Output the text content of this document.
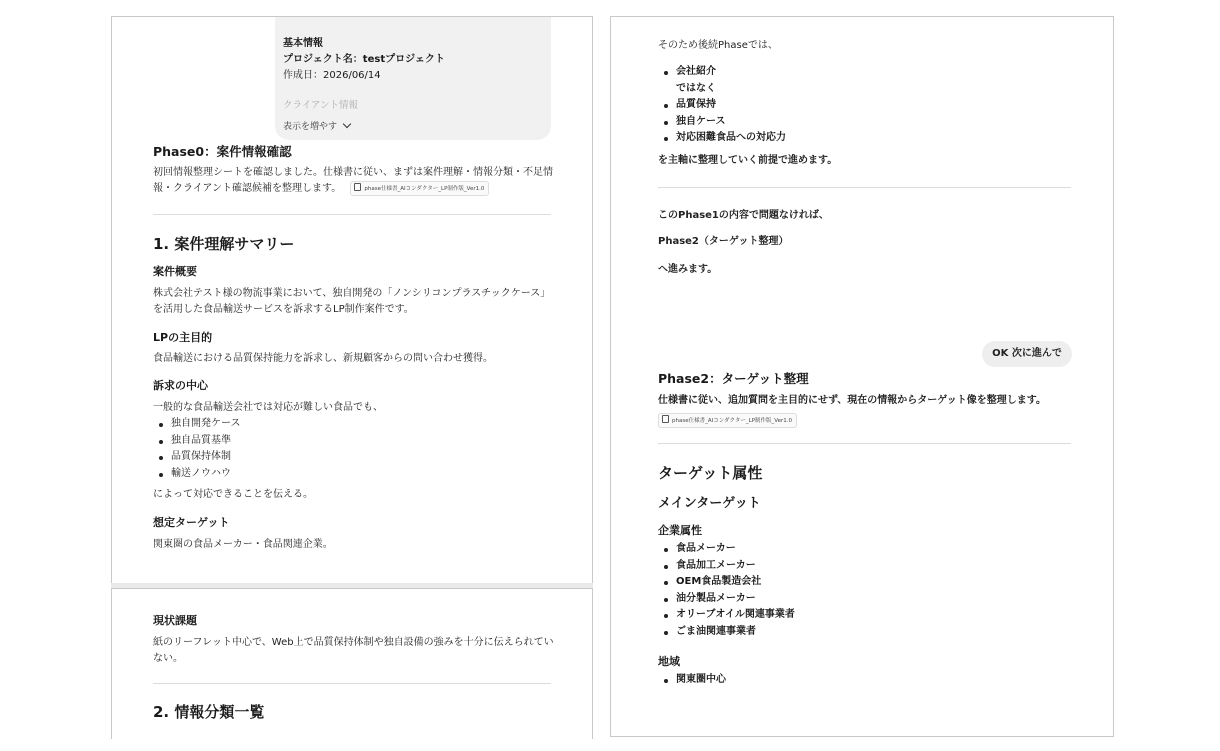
基本情報
プロジェクト名：testプロジェクト
作成日：2026/06/14
クライアント情報
表示を増やす
Phase0：案件情報確認
初回情報整理シートを確認しました。仕様書に従い、まずは案件理解・情報分類・不足情
報・クライアント確認候補を整理します。	phase仕様書_AIコンダクター_LP制作版_Ver1.0
1. 案件理解サマリー
案件概要
株式会社テスト様の物流事業において、独自開発の「ノンシリコンプラスチックケース」
を活用した食品輸送サービスを訴求するLP制作案件です。
LPの主目的
食品輸送における品質保持能力を訴求し、新規顧客からの問い合わせ獲得。
訴求の中心
一般的な食品輸送会社では対応が難しい食品でも、
独自開発ケース
独自品質基準
品質保持体制
輸送ノウハウ
によって対応できることを伝える。
想定ターゲット
関東圏の食品メーカー・食品関連企業。
現状課題
紙のリーフレット中心で、Web上で品質保持体制や独自設備の強みを十分に伝えられてい
ない。
2. 情報分類一覧
そのため後続Phaseでは、
会社紹介
ではなく
品質保持
独自ケース
対応困難食品への対応力
を主軸に整理していく前提で進めます。
このPhase1の内容で問題なければ、
Phase2（ターゲット整理）
へ進みます。
OK 次に進んで
Phase2：ターゲット整理
仕様書に従い、追加質問を主目的にせず、現在の情報からターゲット像を整理します。
phase仕様書_AIコンダクター_LP制作版_Ver1.0
ターゲット属性
メインターゲット
企業属性
食品メーカー
食品加工メーカー
OEM食品製造会社
油分製品メーカー
オリーブオイル関連事業者
ごま油関連事業者
地域
関東圏中心
